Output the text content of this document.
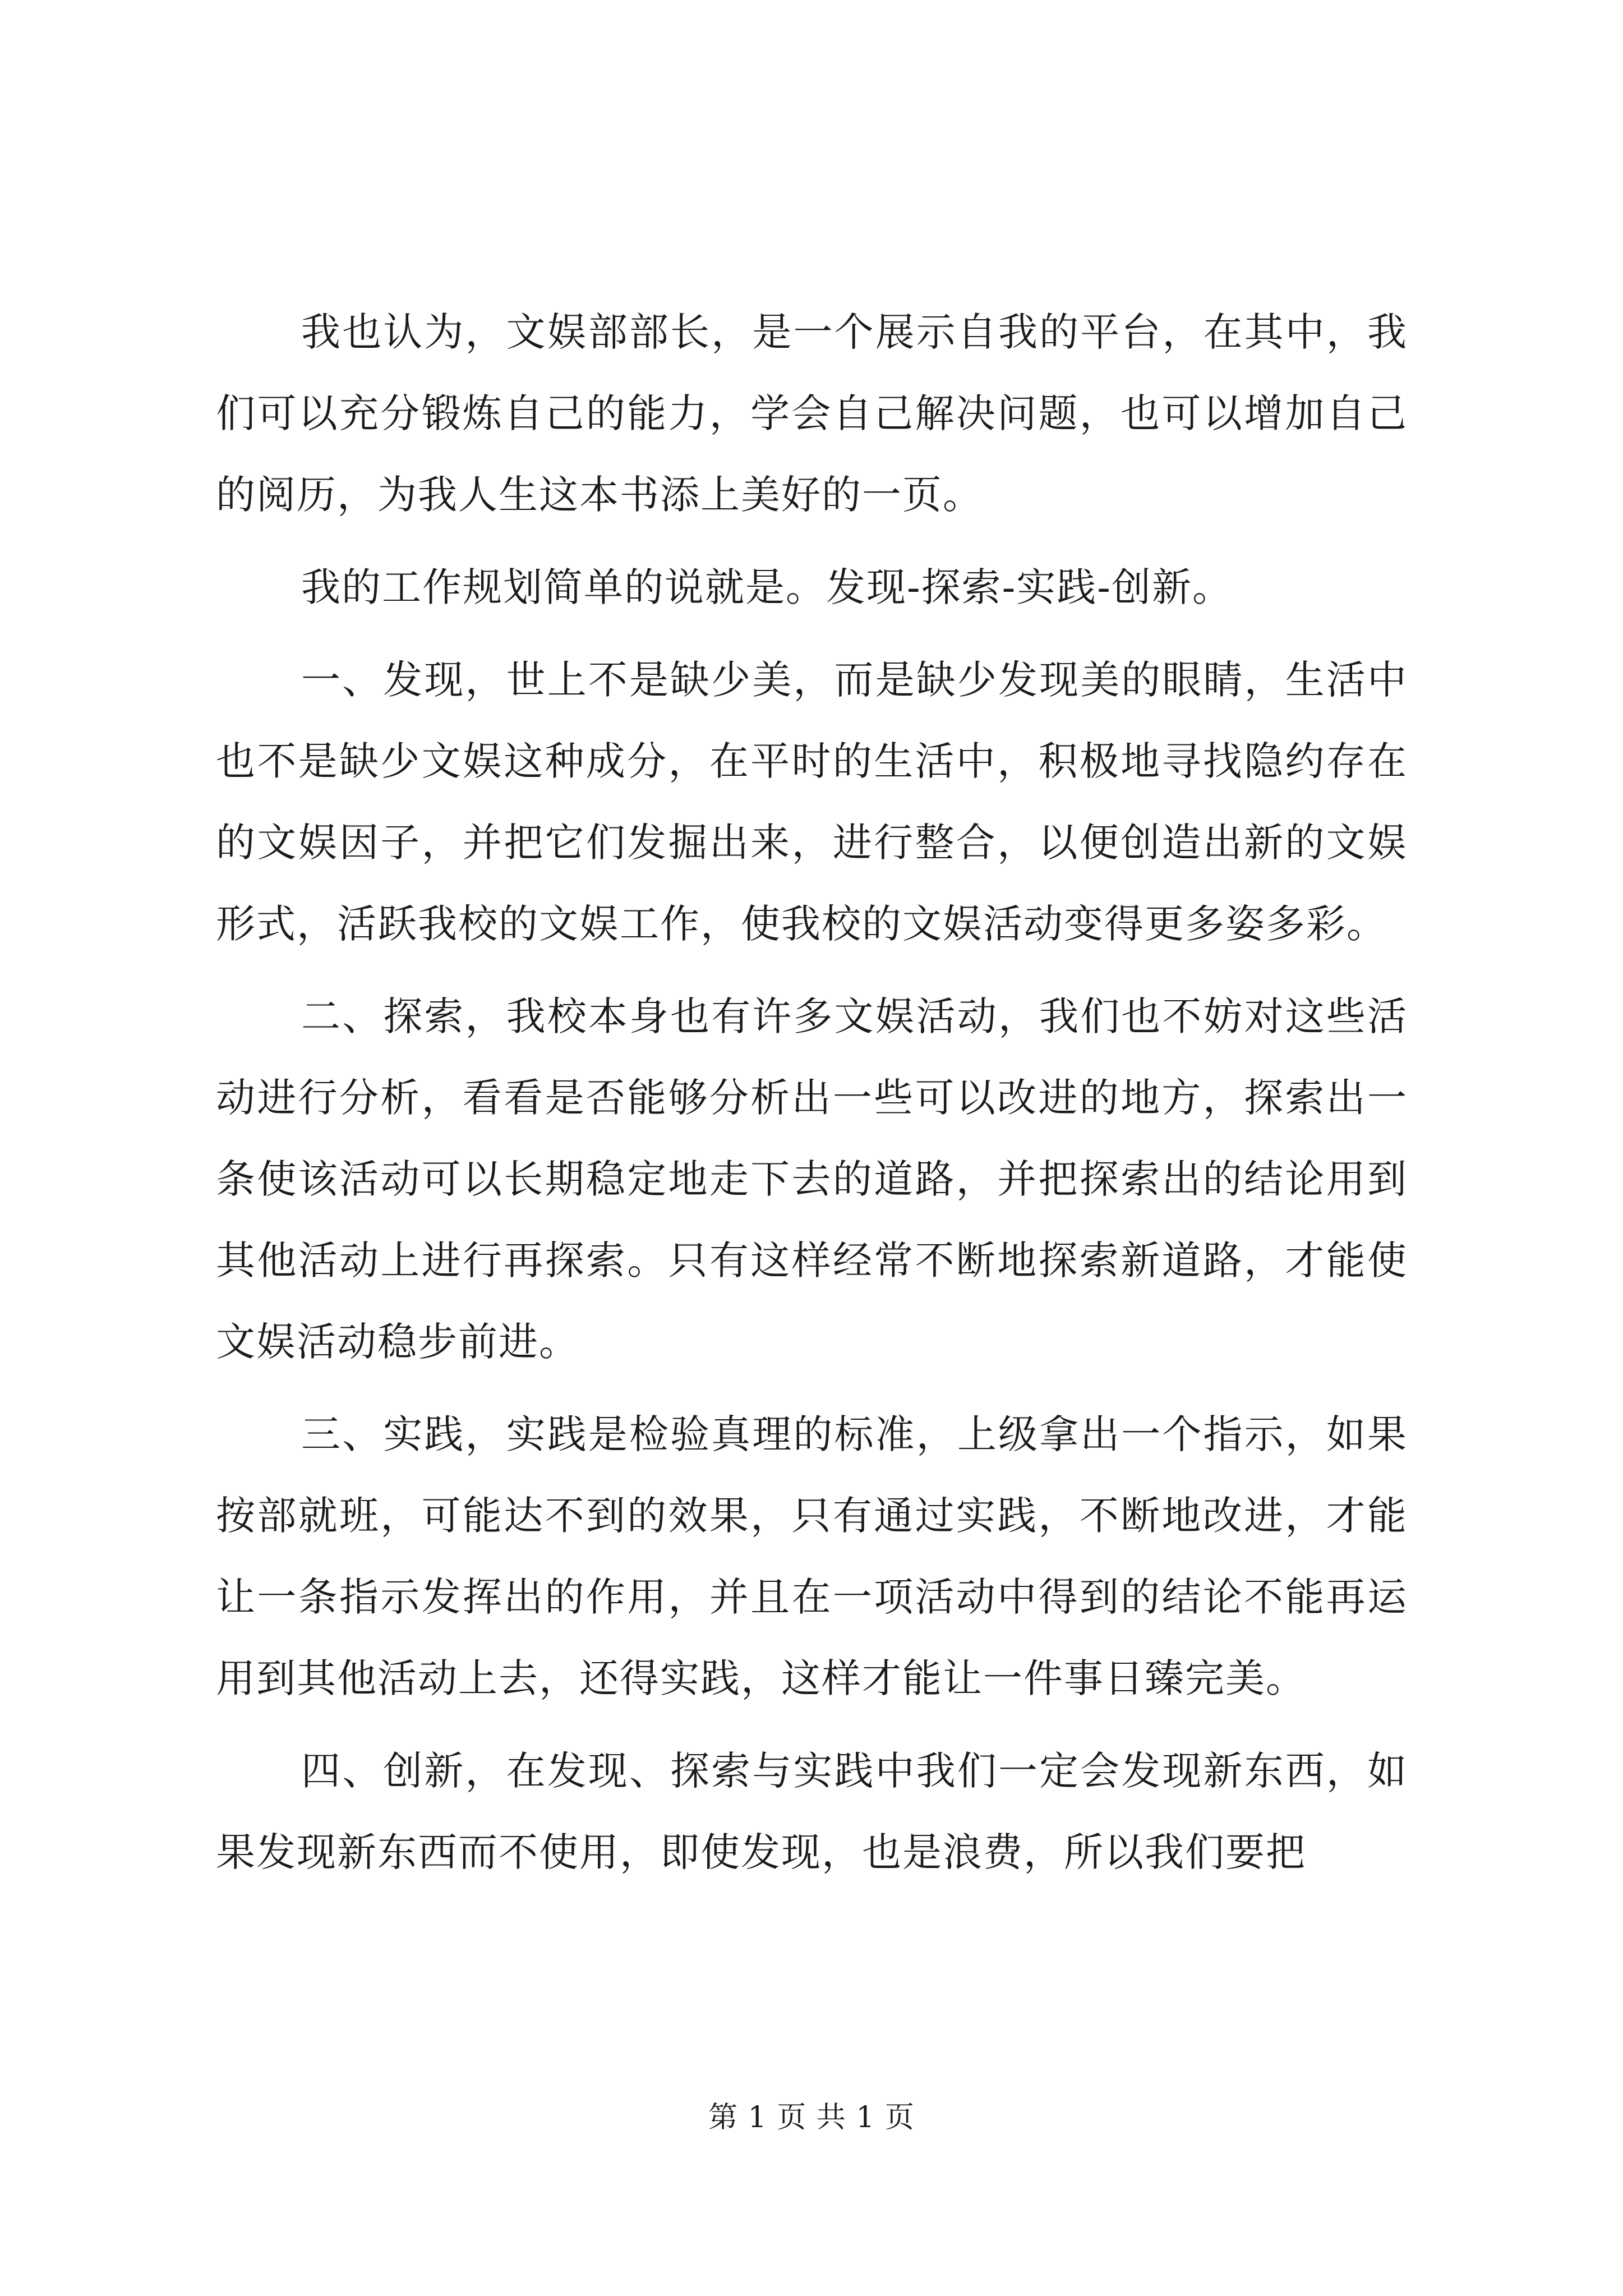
我也认为，文娱部部长，是一个展示自我的平台，在其中，我们可以充分锻炼自己的能力，学会自己解决问题，也可以增加自己的阅历，为我人生这本书添上美好的一页。

我的工作规划简单的说就是。发现-探索-实践-创新。

一、发现，世上不是缺少美，而是缺少发现美的眼睛，生活中也不是缺少文娱这种成分，在平时的生活中，积极地寻找隐约存在的文娱因子，并把它们发掘出来，进行整合，以便创造出新的文娱形式，活跃我校的文娱工作，使我校的文娱活动变得更多姿多彩。

二、探索，我校本身也有许多文娱活动，我们也不妨对这些活动进行分析，看看是否能够分析出一些可以改进的地方，探索出一条使该活动可以长期稳定地走下去的道路，并把探索出的结论用到其他活动上进行再探索。只有这样经常不断地探索新道路，才能使文娱活动稳步前进。

三、实践，实践是检验真理的标准，上级拿出一个指示，如果按部就班，可能达不到的效果，只有通过实践，不断地改进，才能让一条指示发挥出的作用，并且在一项活动中得到的结论不能再运用到其他活动上去，还得实践，这样才能让一件事日臻完美。

四、创新，在发现、探索与实践中我们一定会发现新东西，如果发现新东西而不使用，即使发现，也是浪费，所以我们要把

第 1 页 共 1 页
